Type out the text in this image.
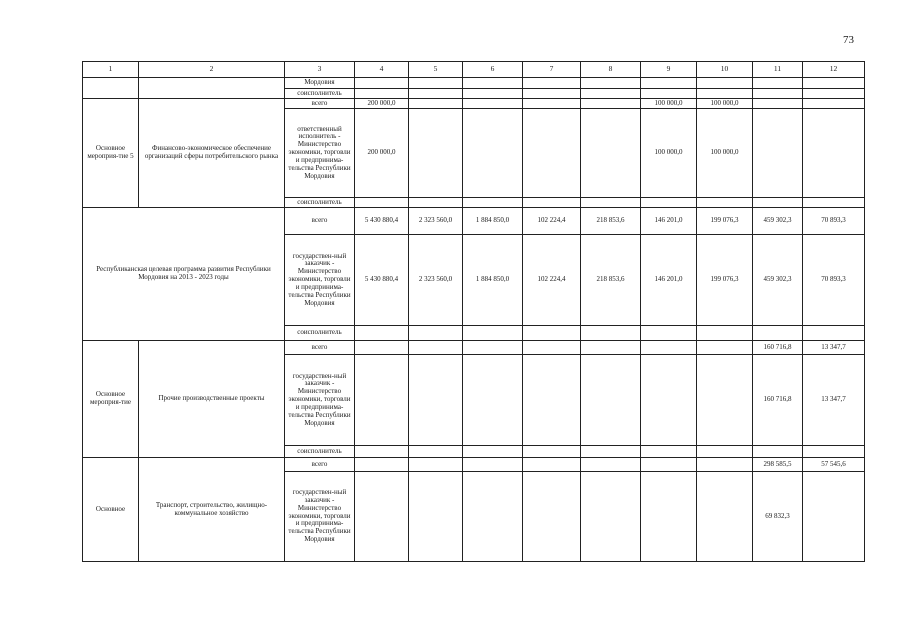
73
1	2	3	4	5	6	7	8	9	10	11	12
		Мордовия									
		соисполнитель									
Основное мероприя-тие 5	Финансово-экономическое обеспечение организаций сферы потребительского рынка	всего	200 000,0					100 000,0	100 000,0		
		ответственный исполнитель - Министерство экономики, торговли и предпринима-тельства Республики Мордовия	200 000,0					100 000,0	100 000,0		
		соисполнитель									
Республиканская целевая программа развития Республики Мордовия на 2013 - 2023 годы		всего	5 430 880,4	2 323 560,0	1 884 850,0	102 224,4	218 853,6	146 201,0	199 076,3	459 302,3	70 893,3
		государствен-ный заказчик - Министерство экономики, торговли и предпринима-тельства Республики Мордовия	5 430 880,4	2 323 560,0	1 884 850,0	102 224,4	218 853,6	146 201,0	199 076,3	459 302,3	70 893,3
		соисполнитель									
Основное мероприя-тие	Прочие производственные проекты	всего								160 716,8	13 347,7
		государствен-ный заказчик - Министерство экономики, торговли и предпринима-тельства Республики Мордовия								160 716,8	13 347,7
		соисполнитель									
Основное	Транспорт, строительство, жилищно-коммунальное хозяйство	всего								298 585,5	57 545,6
		государствен-ный заказчик - Министерство экономики, торговли и предпринима-тельства Республики Мордовия								69 832,3	
